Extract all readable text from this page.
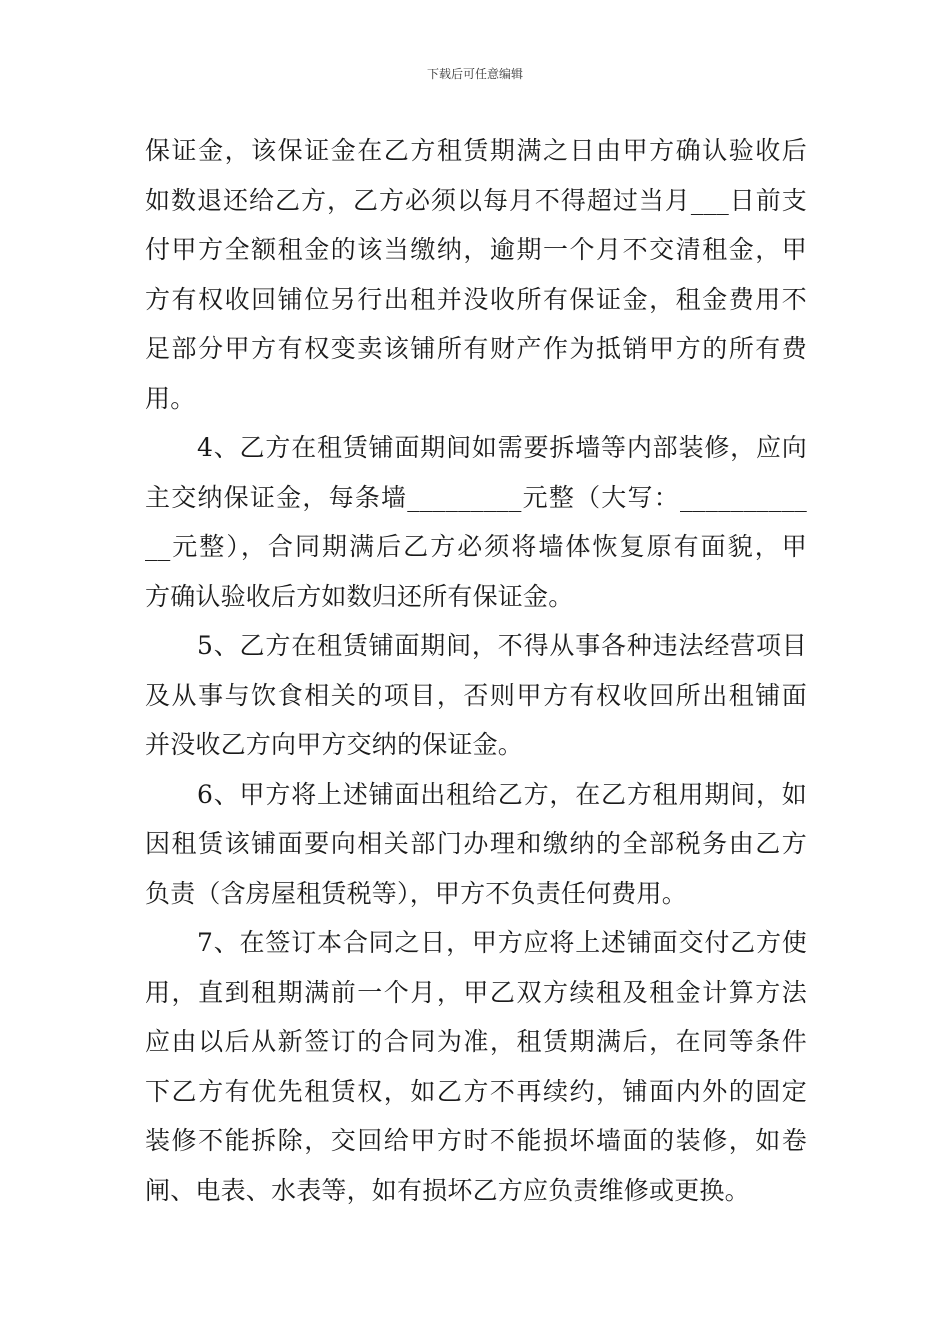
下载后可任意编辑
保证金，该保证金在乙方租赁期满之日由甲方确认验收后
如数退还给乙方，乙方必须以每月不得超过当月___日前支
付甲方全额租金的该当缴纳，逾期一个月不交清租金，甲
方有权收回铺位另行出租并没收所有保证金，租金费用不
足部分甲方有权变卖该铺所有财产作为抵销甲方的所有费
用。
4、乙方在租赁铺面期间如需要拆墙等内部装修，应向
主交纳保证金，每条墙_________元整（大写：__________
__元整），合同期满后乙方必须将墙体恢复原有面貌，甲
方确认验收后方如数归还所有保证金。
5、乙方在租赁铺面期间，不得从事各种违法经营项目
及从事与饮食相关的项目，否则甲方有权收回所出租铺面
并没收乙方向甲方交纳的保证金。
6、甲方将上述铺面出租给乙方，在乙方租用期间，如
因租赁该铺面要向相关部门办理和缴纳的全部税务由乙方
负责（含房屋租赁税等），甲方不负责任何费用。
7、在签订本合同之日，甲方应将上述铺面交付乙方使
用，直到租期满前一个月，甲乙双方续租及租金计算方法
应由以后从新签订的合同为准，租赁期满后，在同等条件
下乙方有优先租赁权，如乙方不再续约，铺面内外的固定
装修不能拆除，交回给甲方时不能损坏墙面的装修，如卷
闸、电表、水表等，如有损坏乙方应负责维修或更换。
